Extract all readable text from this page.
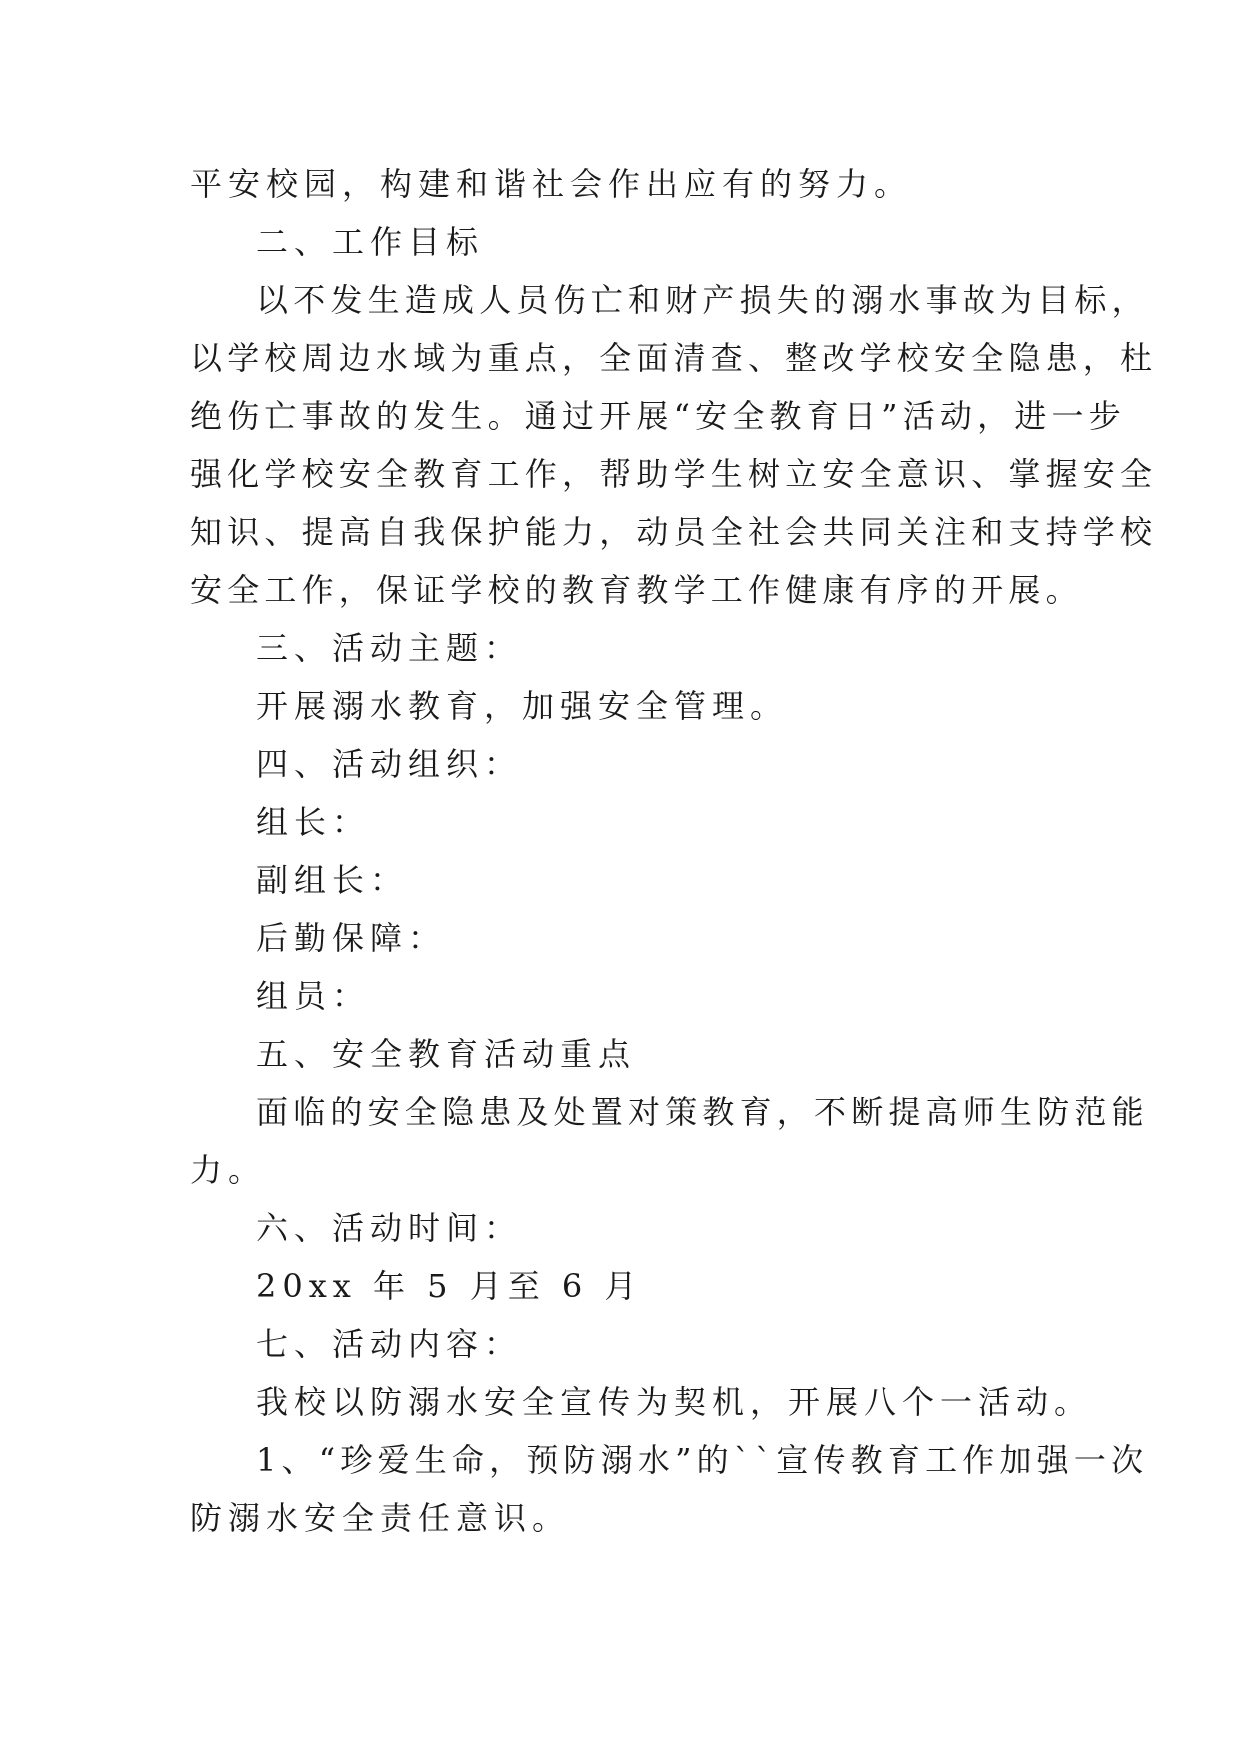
平安校园，构建和谐社会作出应有的努力。
二、工作目标
以不发生造成人员伤亡和财产损失的溺水事故为目标，
以学校周边水域为重点，全面清查、整改学校安全隐患，杜
绝伤亡事故的发生。通过开展“安全教育日”活动，进一步
强化学校安全教育工作，帮助学生树立安全意识、掌握安全
知识、提高自我保护能力，动员全社会共同关注和支持学校
安全工作，保证学校的教育教学工作健康有序的开展。
三、活动主题：
开展溺水教育，加强安全管理。
四、活动组织：
组长：
副组长：
后勤保障：
组员：
五、安全教育活动重点
面临的安全隐患及处置对策教育，不断提高师生防范能
力。
六、活动时间：
20xx 年 5 月至 6 月
七、活动内容：
我校以防溺水安全宣传为契机，开展八个一活动。
1、“珍爱生命，预防溺水”的``宣传教育工作加强一次
防溺水安全责任意识。
